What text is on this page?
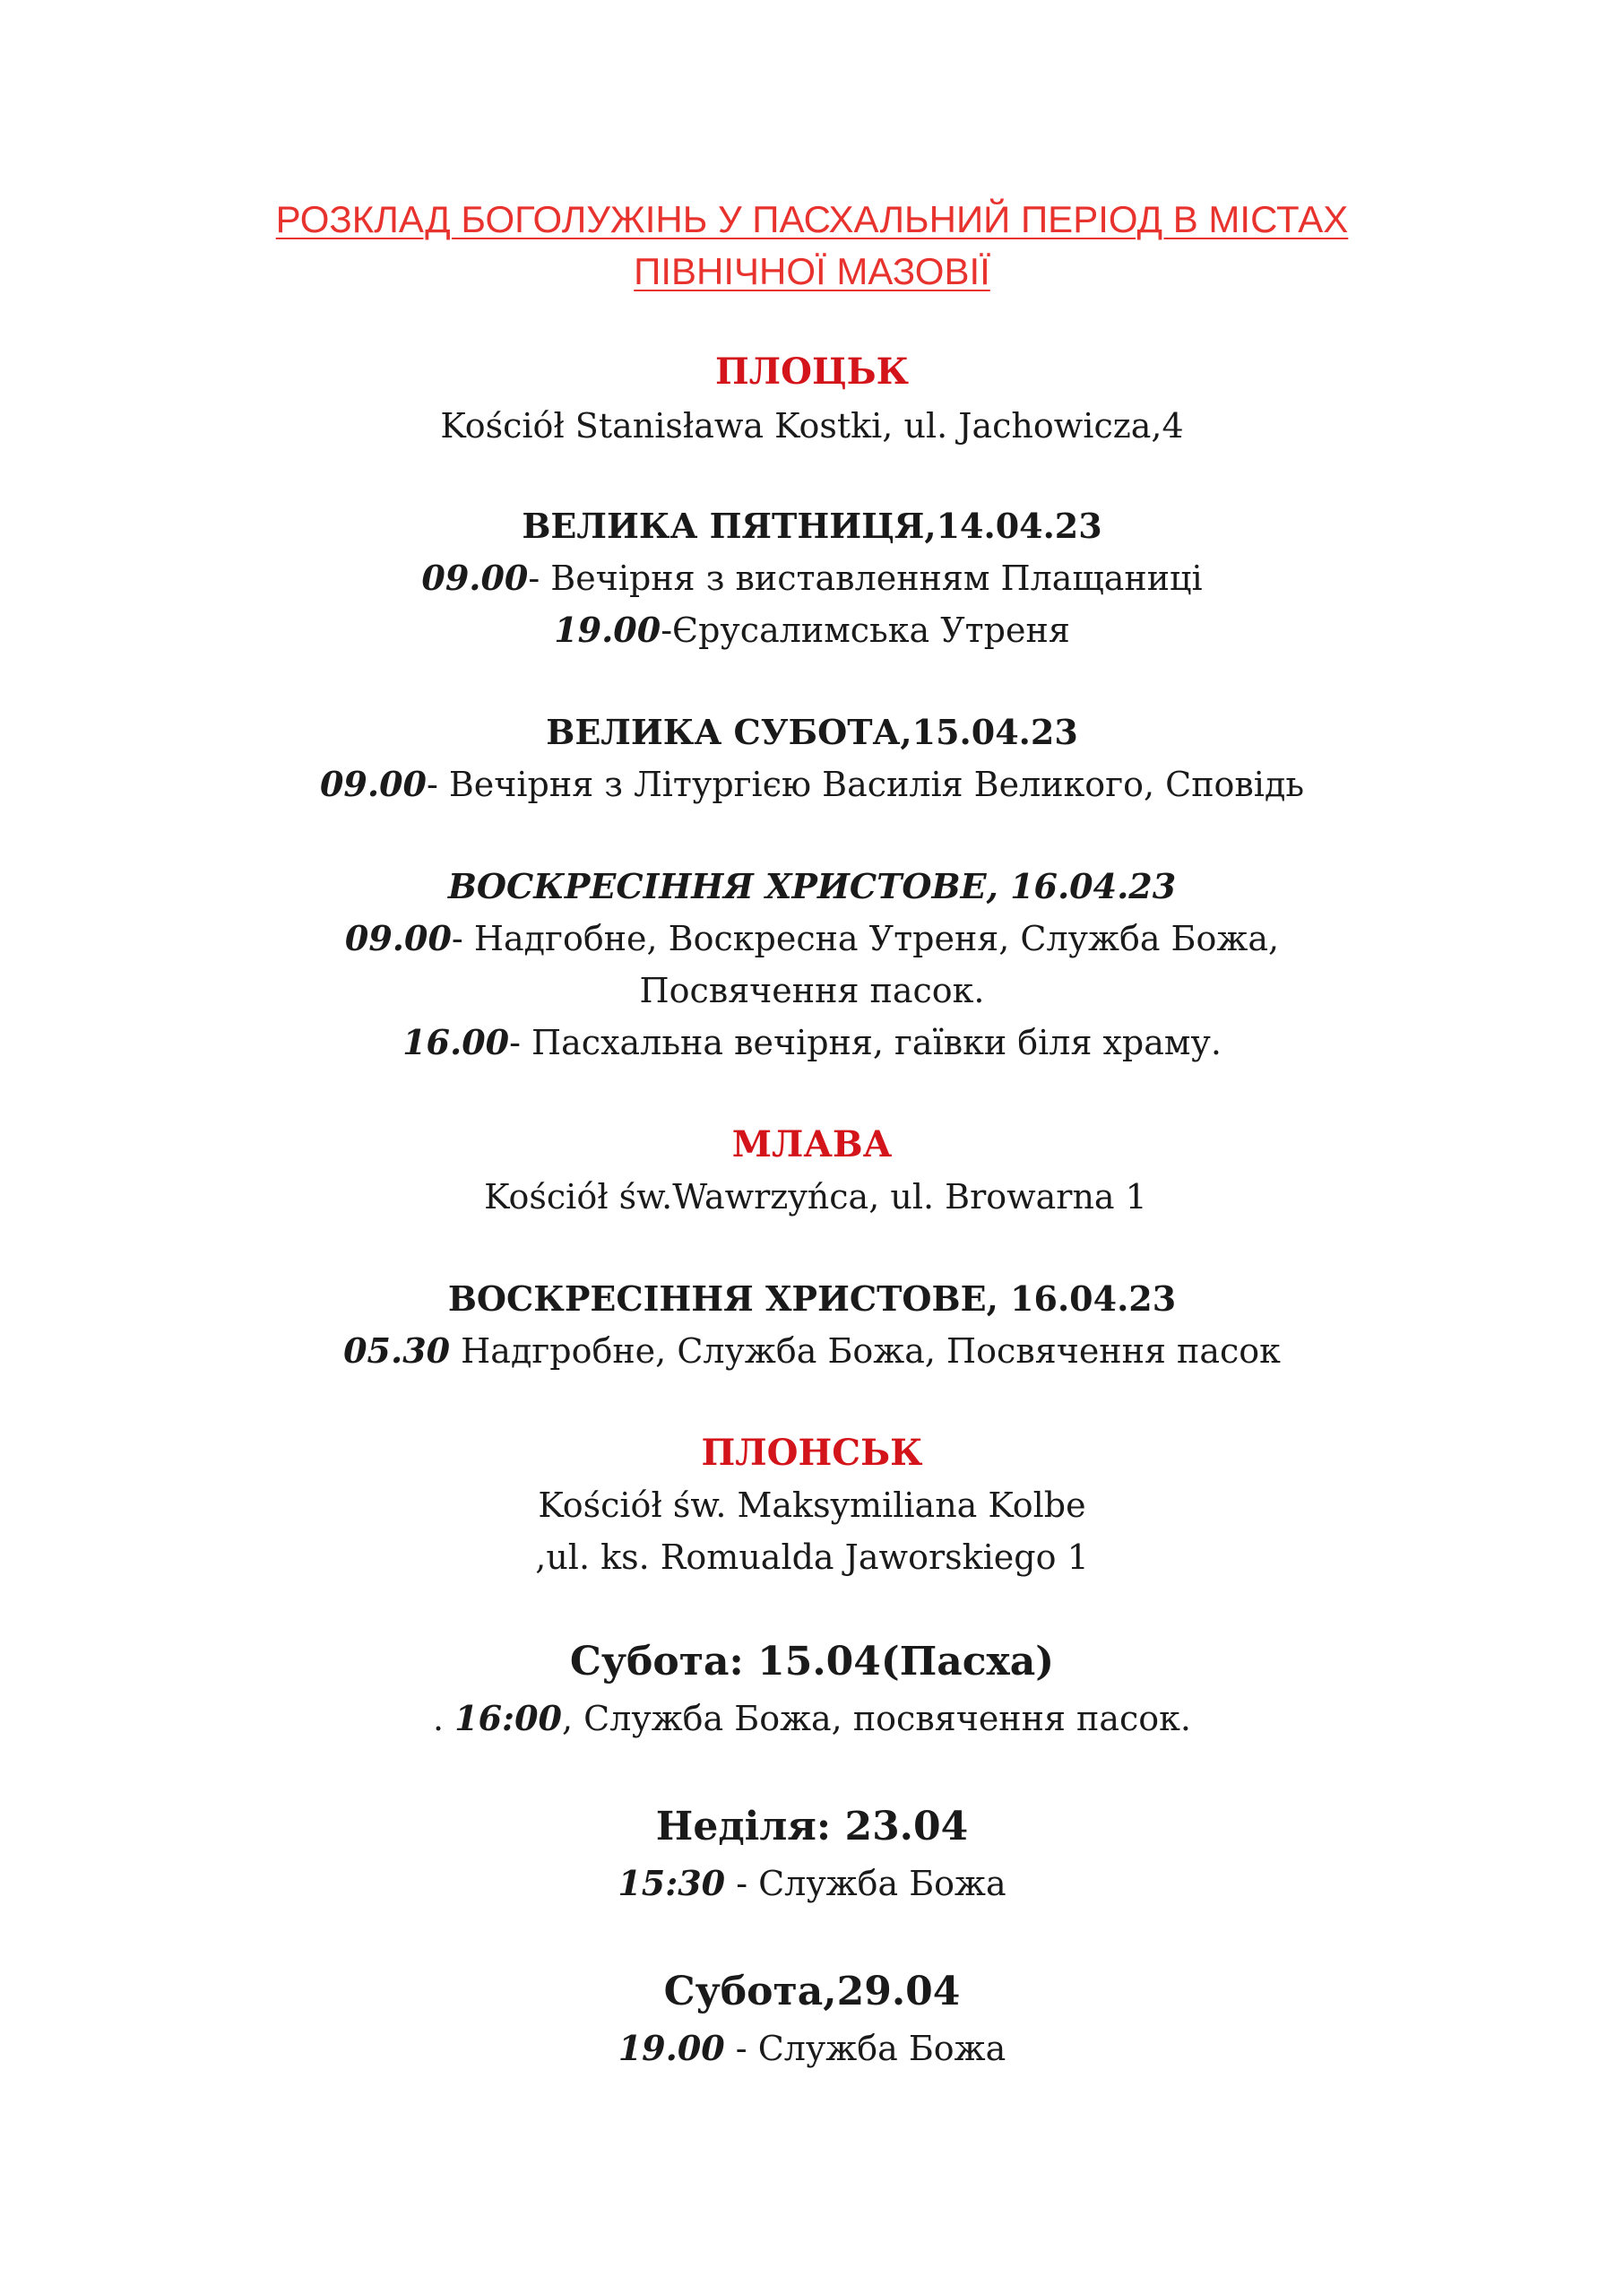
РОЗКЛАД БОГОЛУЖІНЬ У ПАСХАЛЬНИЙ ПЕРІОД В МІСТАХ
ПІВНІЧНОЇ МАЗОВІЇ
ПЛОЦЬК
Kościół Stanisława Kostki, ul. Jachowicza,4
ВЕЛИКА ПЯТНИЦЯ,14.04.23
09.00- Вечірня з виставленням Плащаниці
19.00-Єрусалимська Утреня
ВЕЛИКА СУБОТА,15.04.23
09.00- Вечірня з Літургією Василія Великого, Сповідь
ВОСКРЕСІННЯ ХРИСТОВЕ, 16.04.23
09.00- Надгобне, Воскресна Утреня, Служба Божа,
Посвячення пасок.
16.00- Пасхальна вечірня, гаївки біля храму.
МЛАВА
Kościół św.Wawrzyńca, ul. Browarna 1
ВОСКРЕСІННЯ ХРИСТОВЕ, 16.04.23
05.30 Надгробне, Служба Божа, Посвячення пасок
ПЛОНСЬК
Kościół św. Maksymiliana Kolbe
,ul. ks. Romualda Jaworskiego 1
Субота: 15.04(Пасха)
. 16:00, Служба Божа, посвячення пасок.
Неділя: 23.04
15:30 - Служба Божа
Субота,29.04
19.00 - Служба Божа
